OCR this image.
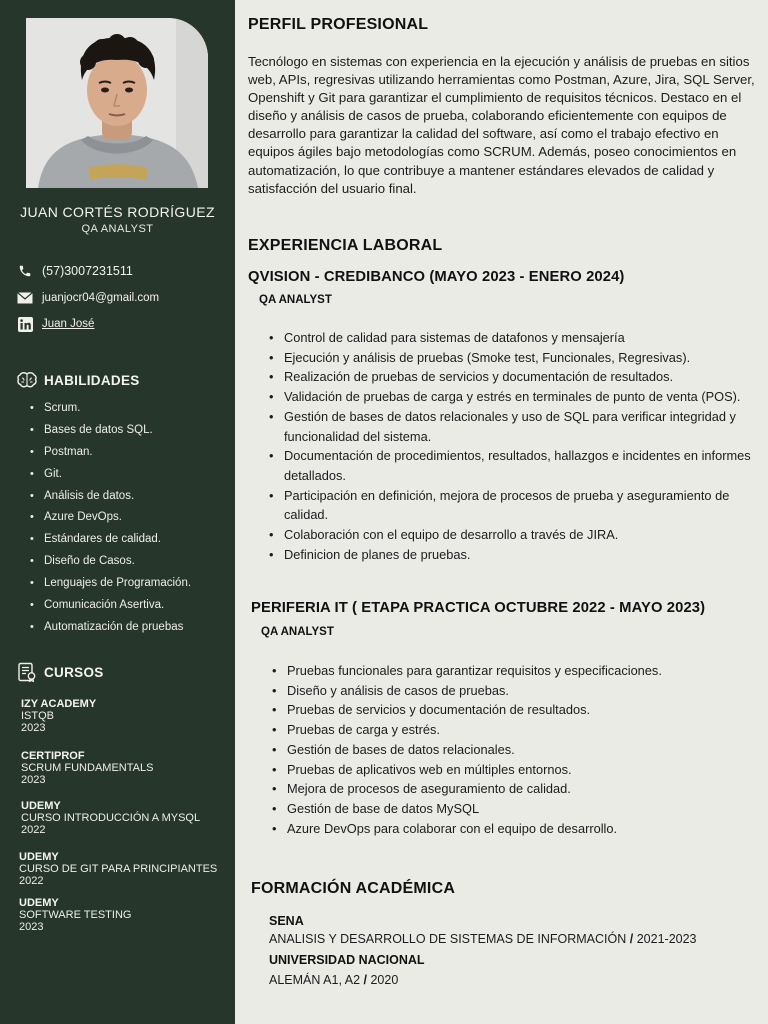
JUAN CORTÉS RODRÍGUEZ
QA ANALYST
(57)3007231511
juanjocr04@gmail.com
Juan José
HABILIDADES
• Scrum.
• Bases de datos SQL.
• Postman.
• Git.
• Análisis de datos.
• Azure DevOps.
• Estándares de calidad.
• Diseño de Casos.
• Lenguajes de Programación.
• Comunicación Asertiva.
• Automatización de pruebas
CURSOS
IZY ACADEMY
ISTQB
2023
CERTIPROF
SCRUM FUNDAMENTALS
2023
UDEMY
CURSO INTRODUCCIÓN A MYSQL
2022
UDEMY
CURSO DE GIT PARA PRINCIPIANTES
2022
UDEMY
SOFTWARE TESTING
2023
PERFIL PROFESIONAL

Tecnólogo en sistemas con experiencia en la ejecución y análisis de pruebas en sitios web, APIs, regresivas utilizando herramientas como Postman, Azure, Jira, SQL Server, Openshift y Git para garantizar el cumplimiento de requisitos técnicos. Destaco en el diseño y análisis de casos de prueba, colaborando eficientemente con equipos de desarrollo para garantizar la calidad del software, así como el trabajo efectivo en equipos ágiles bajo metodologías como SCRUM. Además, poseo conocimientos en automatización, lo que contribuye a mantener estándares elevados de calidad y satisfacción del usuario final.

EXPERIENCIA LABORAL
QVISION - CREDIBANCO (MAYO 2023 - ENERO 2024)
QA ANALYST
• Control de calidad para sistemas de datafonos y mensajería
• Ejecución y análisis de pruebas (Smoke test, Funcionales, Regresivas).
• Realización de pruebas de servicios y documentación de resultados.
• Validación de pruebas de carga y estrés en terminales de punto de venta (POS).
• Gestión de bases de datos relacionales y uso de SQL para verificar integridad y funcionalidad del sistema.
• Documentación de procedimientos, resultados, hallazgos e incidentes en informes detallados.
• Participación en definición, mejora de procesos de prueba y aseguramiento de calidad.
• Colaboración con el equipo de desarrollo a través de JIRA.
• Definicion de planes de pruebas.
PERIFERIA IT ( ETAPA PRACTICA OCTUBRE 2022 - MAYO 2023)
QA ANALYST
• Pruebas funcionales para garantizar requisitos y especificaciones.
• Diseño y análisis de casos de pruebas.
• Pruebas de servicios y documentación de resultados.
• Pruebas de carga y estrés.
• Gestión de bases de datos relacionales.
• Pruebas de aplicativos web en múltiples entornos.
• Mejora de procesos de aseguramiento de calidad.
• Gestión de base de datos MySQL
• Azure DevOps para colaborar con el equipo de desarrollo.
FORMACIÓN ACADÉMICA
SENA
ANALISIS Y DESARROLLO DE SISTEMAS DE INFORMACIÓN / 2021-2023
UNIVERSIDAD NACIONAL
ALEMÁN A1, A2 / 2020
